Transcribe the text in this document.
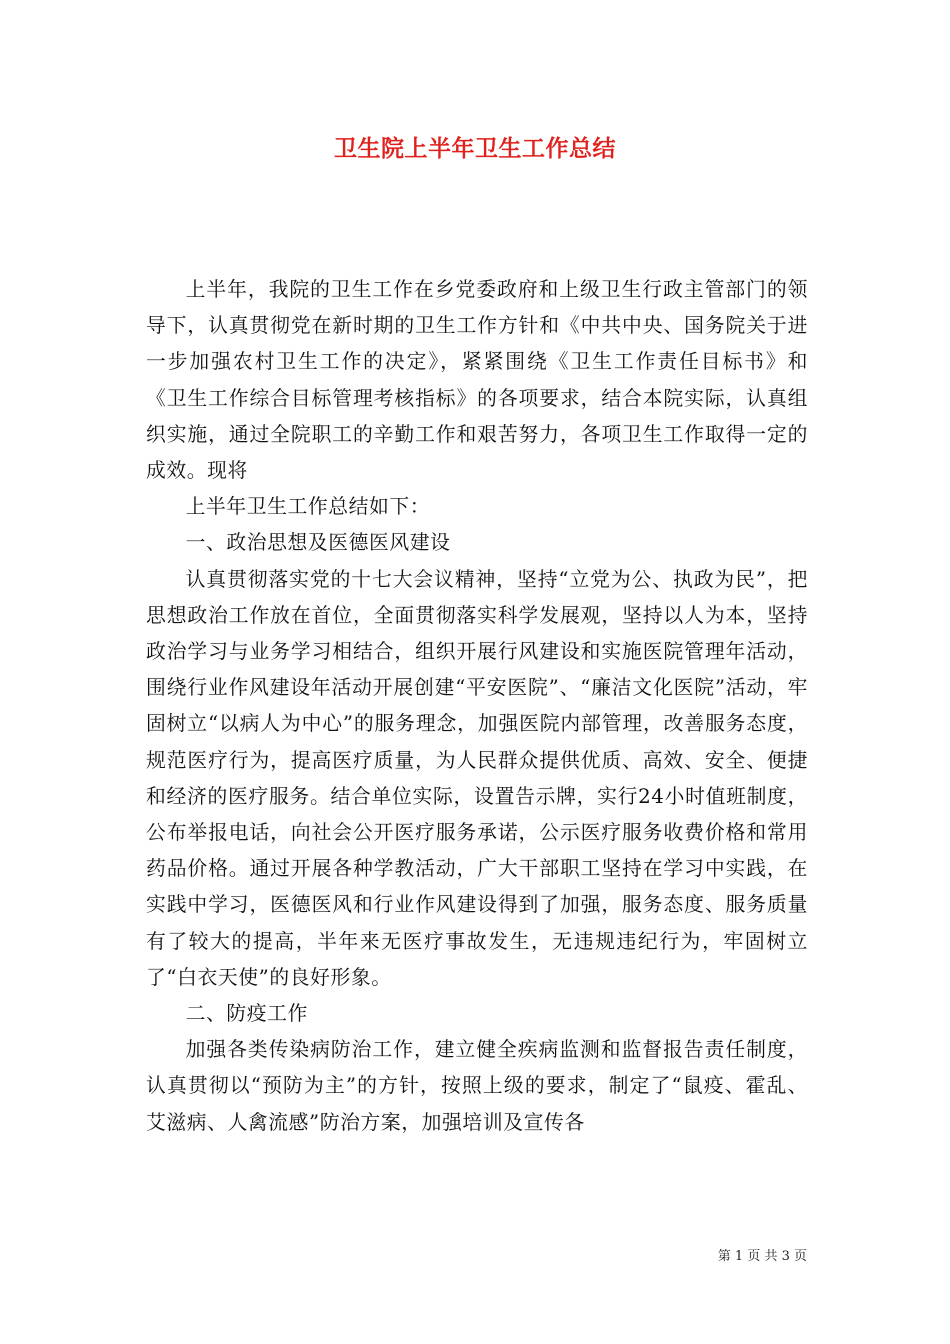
卫生院上半年卫生工作总结

上半年，我院的卫生工作在乡党委政府和上级卫生行政主管部门的领导下，认真贯彻党在新时期的卫生工作方针和《中共中央、国务院关于进一步加强农村卫生工作的决定》，紧紧围绕《卫生工作责任目标书》和《卫生工作综合目标管理考核指标》的各项要求，结合本院实际，认真组织实施，通过全院职工的辛勤工作和艰苦努力，各项卫生工作取得一定的成效。现将

上半年卫生工作总结如下：

一、政治思想及医德医风建设

认真贯彻落实党的十七大会议精神，坚持“立党为公、执政为民”，把思想政治工作放在首位，全面贯彻落实科学发展观，坚持以人为本，坚持政治学习与业务学习相结合，组织开展行风建设和实施医院管理年活动，围绕行业作风建设年活动开展创建“平安医院”、“廉洁文化医院”活动，牢固树立“以病人为中心”的服务理念，加强医院内部管理，改善服务态度，规范医疗行为，提高医疗质量，为人民群众提供优质、高效、安全、便捷和经济的医疗服务。结合单位实际，设置告示牌，实行24小时值班制度，公布举报电话，向社会公开医疗服务承诺，公示医疗服务收费价格和常用药品价格。通过开展各种学教活动，广大干部职工坚持在学习中实践，在实践中学习，医德医风和行业作风建设得到了加强，服务态度、服务质量有了较大的提高，半年来无医疗事故发生，无违规违纪行为，牢固树立了“白衣天使”的良好形象。

二、防疫工作

加强各类传染病防治工作，建立健全疾病监测和监督报告责任制度，认真贯彻以“预防为主”的方针，按照上级的要求，制定了“鼠疫、霍乱、艾滋病、人禽流感”防治方案，加强培训及宣传各

第 1 页 共 3 页
